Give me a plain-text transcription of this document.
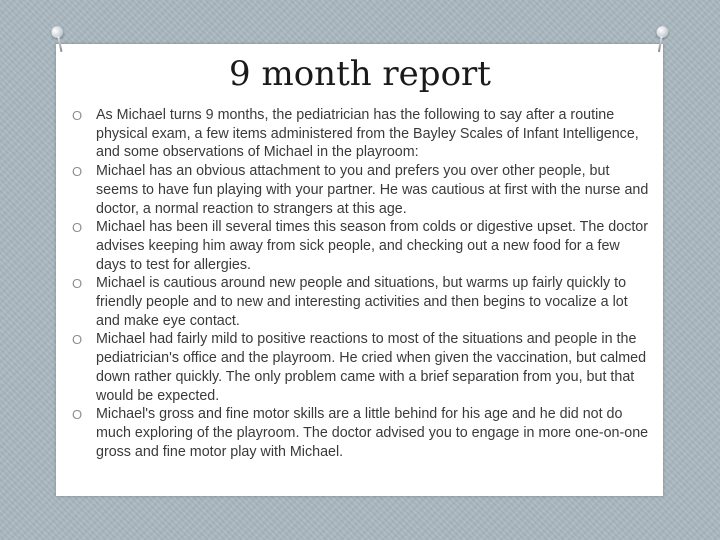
9 month report
O As Michael turns 9 months, the pediatrician has the following to say after a routine physical exam, a few items administered from the Bayley Scales of Infant Intelligence, and some observations of Michael in the playroom:
O Michael has an obvious attachment to you and prefers you over other people, but seems to have fun playing with your partner. He was cautious at first with the nurse and doctor, a normal reaction to strangers at this age.
O Michael has been ill several times this season from colds or digestive upset. The doctor advises keeping him away from sick people, and checking out a new food for a few days to test for allergies.
O Michael is cautious around new people and situations, but warms up fairly quickly to friendly people and to new and interesting activities and then begins to vocalize a lot and make eye contact.
O Michael had fairly mild to positive reactions to most of the situations and people in the pediatrician's office and the playroom. He cried when given the vaccination, but calmed down rather quickly. The only problem came with a brief separation from you, but that would be expected.
O Michael's gross and fine motor skills are a little behind for his age and he did not do much exploring of the playroom. The doctor advised you to engage in more one-on-one gross and fine motor play with Michael.
